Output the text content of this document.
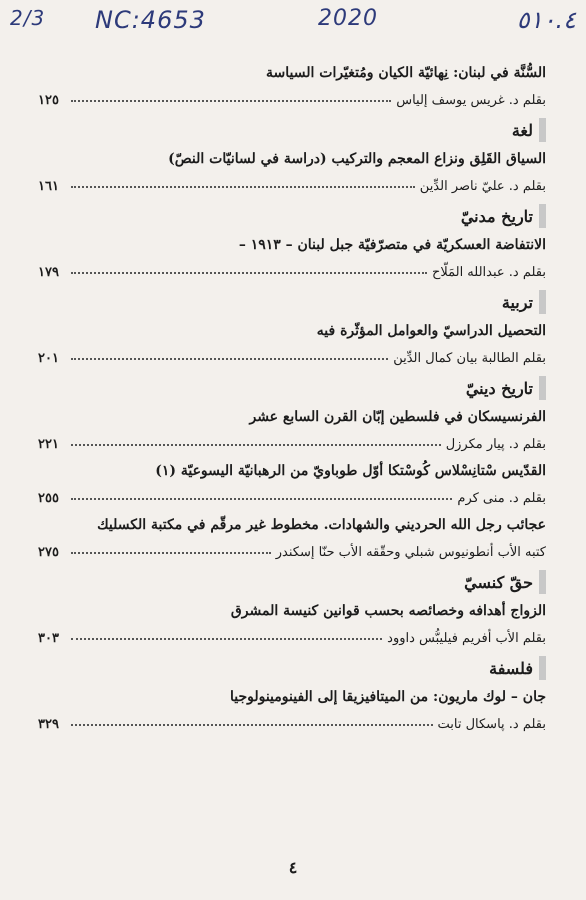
2/3 NC:4653	2020	٥١٠.٤
السُّنَّة في لبنان: نِهائيّة الكيان ومُتغيّرات السياسة
بقلم د. غريس يوسف إلياس
١٢٥
لغة
السياق القَلِق ونزاع المعجم والتركيب (دراسة في لسانيّات النصّ)
بقلم د. عليّ ناصر الدِّين
١٦١
تاريخ مدنيّ
الانتفاضة العسكريّة في متصرّفيّة جبل لبنان – ١٩١٣ –
بقلم د. عبدالله المَلّاح
١٧٩
تربية
التحصيل الدراسيّ والعوامل المؤثّرة فيه
بقلم الطالبة بيان كمال الدِّين
٢٠١
تاريخ دينيّ
الفرنسيسكان في فلسطين إبّان القرن السابع عشر
بقلم د. پيار مكرزل
٢٢١
القدّيس سْتانِسْلاس كُوسْتكا أوّل طوباويّ من الرهبانيّة اليسوعيّة (١)
بقلم د. منى كرم
٢٥٥
عجائب رجل الله الحرديني والشهادات. مخطوط غير مرقّم في مكتبة الكسليك
كتبه الأب أنطونيوس شبلي وحقّقه الأب حنّا إسكندر
٢٧٥
حقّ كنسيّ
الزواج أهدافه وخصائصه بحسب قوانين كنيسة المشرق
بقلم الأب أفريم فيليبُّس داوود
٣٠٣
فلسفة
جان – لوك ماريون: من الميتافيزيقا إلى الفينومينولوجيا
بقلم د. پاسكال تابت
٣٢٩
٤
